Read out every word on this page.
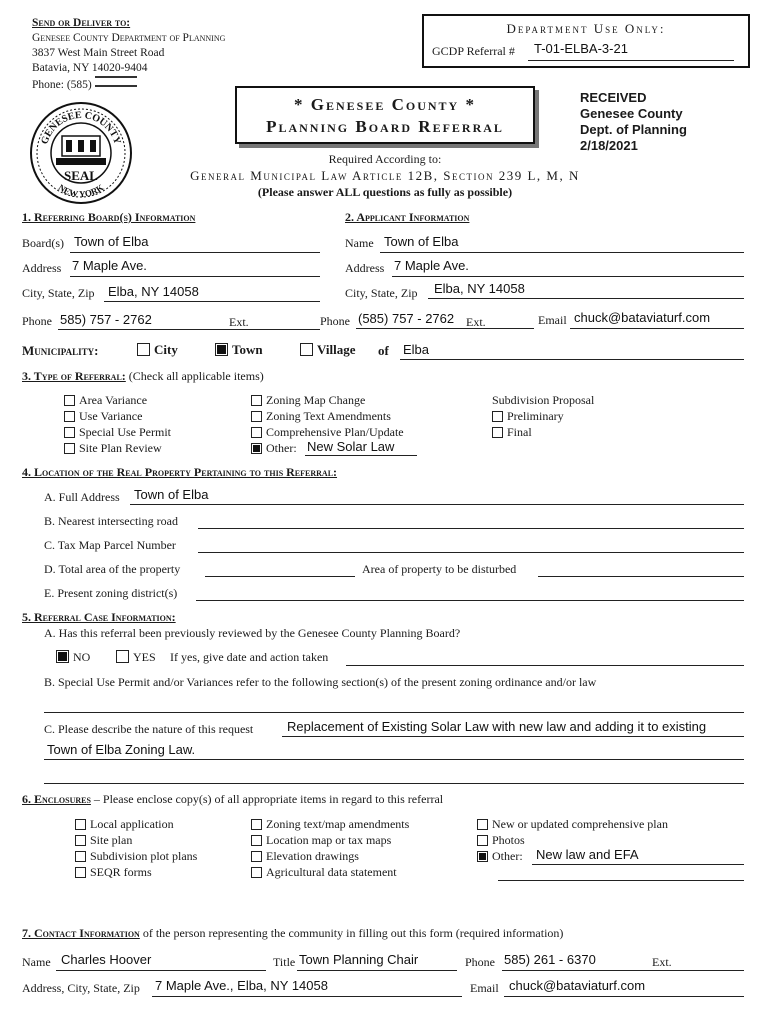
Send or Deliver to:
Genesee County Department of Planning
3837 West Main Street Road
Batavia, NY 14020-9404
Phone: (585)
Department Use Only:
GCDP Referral # T-01-ELBA-3-21
* Genesee County *
Planning Board Referral
GENESEE COUNTY
SEAL
NEW YORK
RECEIVED
Genesee County
Dept. of Planning
2/18/2021
Required According to:
General Municipal Law Article 12B, Section 239 L, M, N
(Please answer ALL questions as fully as possible)
1. Referring Board(s) Information
Board(s) Town of Elba
Address 7 Maple Ave.
City, State, Zip Elba, NY 14058
Phone 585) 757 - 2762	Ext.
2. Applicant Information
Name Town of Elba
Address 7 Maple Ave.
City, State, Zip Elba, NY 14058
Phone (585) 757 - 2762 Ext.	Email chuck@bataviaturf.com
Municipality:	City	Town	Village of Elba
3. Type of Referral: (Check all applicable items)
Area Variance
Use Variance
Special Use Permit
Site Plan Review
Zoning Map Change
Zoning Text Amendments
Comprehensive Plan/Update
Other: New Solar Law
Subdivision Proposal
Preliminary
Final
4. Location of the Real Property Pertaining to this Referral:
A. Full Address Town of Elba
B. Nearest intersecting road
C. Tax Map Parcel Number
D. Total area of the property	Area of property to be disturbed
E. Present zoning district(s)
5. Referral Case Information:
A. Has this referral been previously reviewed by the Genesee County Planning Board?
NO	YES If yes, give date and action taken
B. Special Use Permit and/or Variances refer to the following section(s) of the present zoning ordinance and/or law
C. Please describe the nature of this request	Replacement of Existing Solar Law with new law and adding it to existing
Town of Elba Zoning Law.
6. Enclosures – Please enclose copy(s) of all appropriate items in regard to this referral
Local application
Site plan
Subdivision plot plans
SEQR forms
Zoning text/map amendments
Location map or tax maps
Elevation drawings
Agricultural data statement
New or updated comprehensive plan
Photos
Other:	New law and EFA
7. Contact Information of the person representing the community in filling out this form (required information)
Name Charles Hoover	Title Town Planning Chair	Phone 585) 261 - 6370	Ext.
Address, City, State, Zip 7 Maple Ave., Elba, NY 14058	Email chuck@bataviaturf.com
